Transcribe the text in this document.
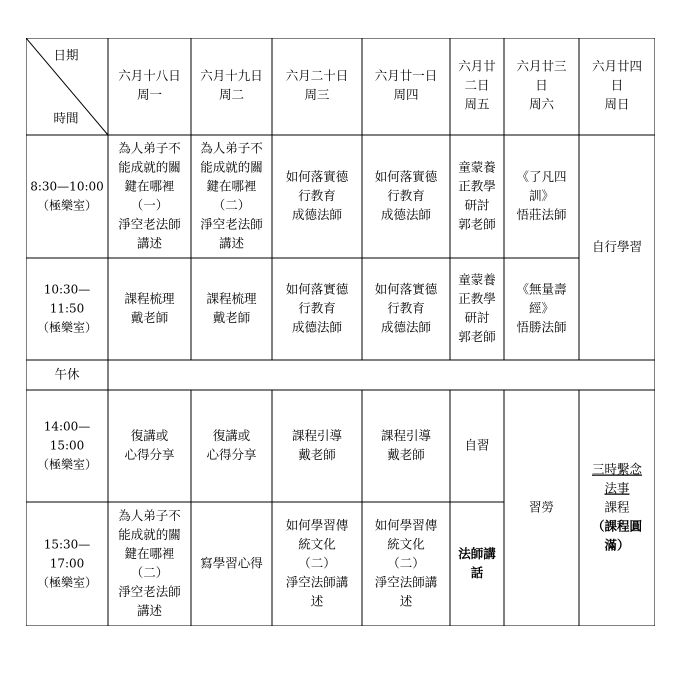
日期
時間
六月十八日
周一
六月十九日
周二
六月二十日
周三
六月廿一日
周四
六月廿
二日
周五
六月廿三
日
周六
六月廿四
日
周日
8:30—10:00
（極樂室）
10:30—
11:50
（極樂室）
午休
14:00—
15:00
（極樂室）
15:30—
17:00
（極樂室）
為人弟子不
能成就的關
鍵在哪裡
（一）
淨空老法師
講述
為人弟子不
能成就的關
鍵在哪裡
（二）
淨空老法師
講述
如何落實德
行教育
成德法師
如何落實德
行教育
成德法師
童蒙養
正教學
研討
郭老師
《了凡四
訓》
悟莊法師
課程梳理
戴老師
課程梳理
戴老師
如何落實德
行教育
成德法師
如何落實德
行教育
成德法師
童蒙養
正教學
研討
郭老師
《無量壽
經》
悟勝法師
復講或
心得分享
復講或
心得分享
課程引導
戴老師
課程引導
戴老師
自習
為人弟子不
能成就的關
鍵在哪裡
（二）
淨空老法師
講述
寫學習心得
如何學習傳
統文化
（二）
淨空法師講
述
如何學習傳
統文化
（二）
淨空法師講
述
法師講
話
自行學習
習勞
三時繫念
法事
課程
（課程圓
滿）
